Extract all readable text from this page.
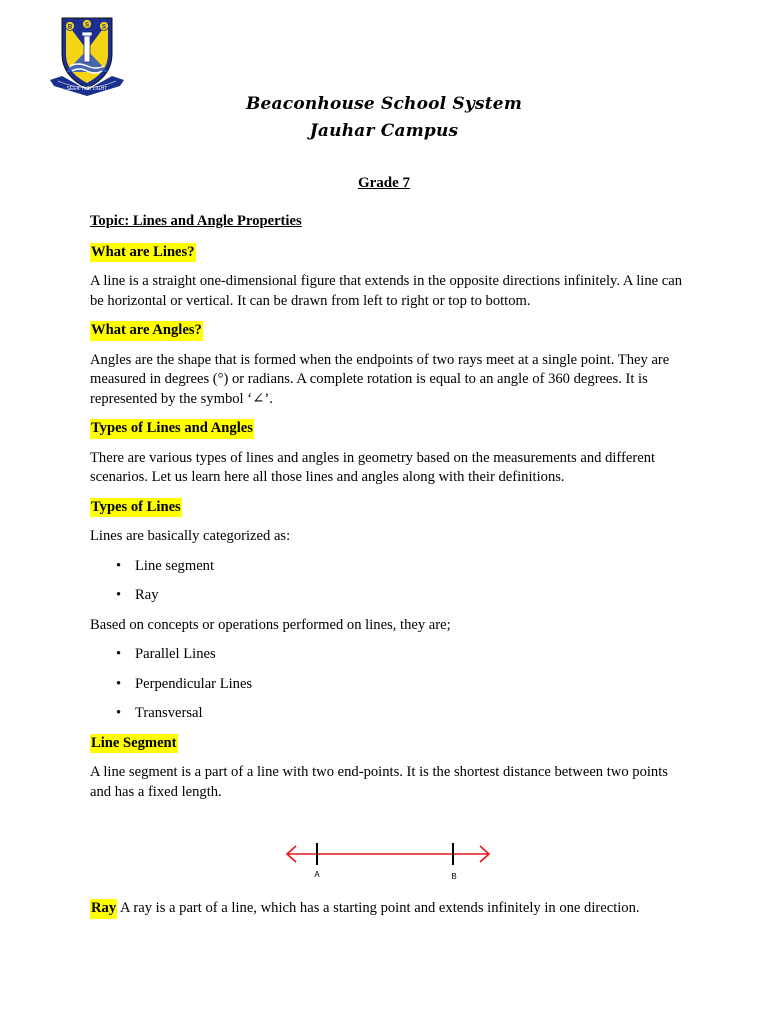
B S S
SEEK THE LIGHT
Beaconhouse School System
Jauhar Campus
Grade 7
Topic: Lines and Angle Properties
What are Lines?
A line is a straight one-dimensional figure that extends in the opposite directions infinitely. A line can be horizontal or vertical. It can be drawn from left to right or top to bottom.
What are Angles?
Angles are the shape that is formed when the endpoints of two rays meet at a single point. They are measured in degrees (°) or radians. A complete rotation is equal to an angle of 360 degrees. It is represented by the symbol ‘∠’.
Types of Lines and Angles
There are various types of lines and angles in geometry based on the measurements and different scenarios. Let us learn here all those lines and angles along with their definitions.
Types of Lines
Lines are basically categorized as:
• Line segment
• Ray
Based on concepts or operations performed on lines, they are;
• Parallel Lines
• Perpendicular Lines
• Transversal
Line Segment
A line segment is a part of a line with two end-points. It is the shortest distance between two points and has a fixed length.
A	B
Ray A ray is a part of a line, which has a starting point and extends infinitely in one direction.
